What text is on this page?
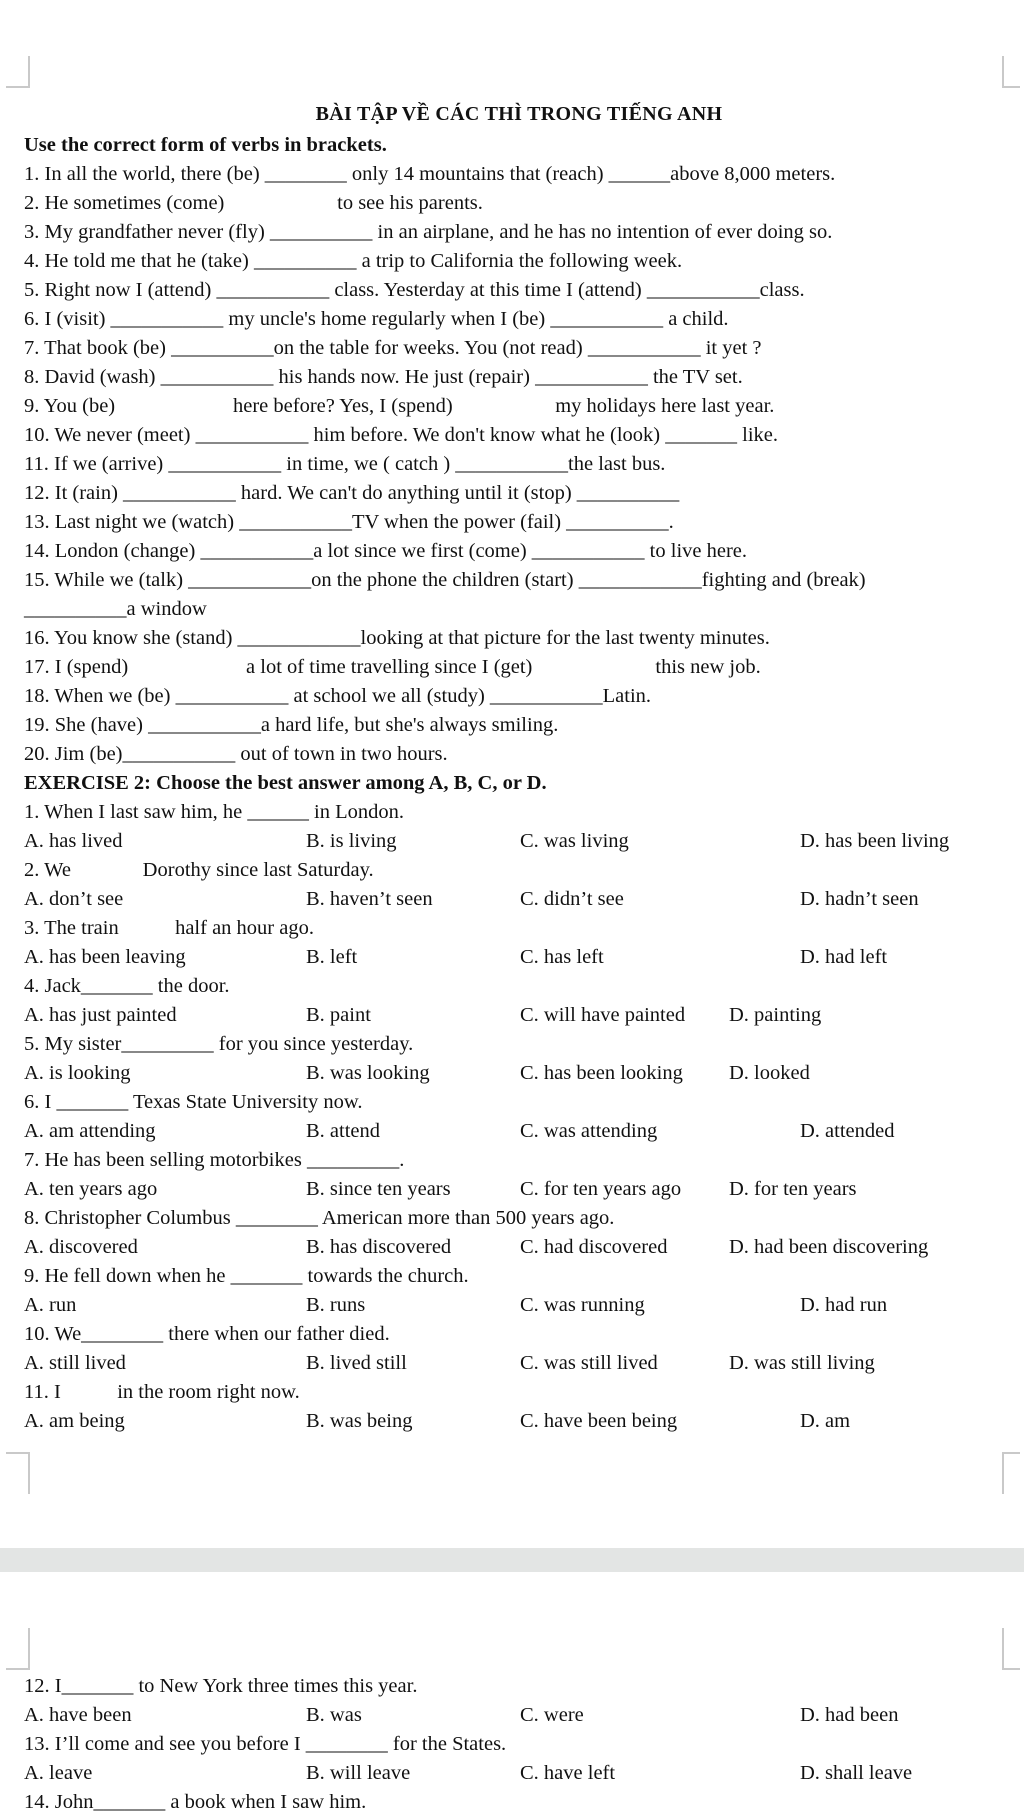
BÀI TẬP VỀ CÁC THÌ TRONG TIẾNG ANH
Use the correct form of verbs in brackets.
1. In all the world, there (be) ________ only 14 mountains that (reach) ______above 8,000 meters.
2. He sometimes (come)                      to see his parents.
3. My grandfather never (fly) __________ in an airplane, and he has no intention of ever doing so.
4. He told me that he (take) __________ a trip to California the following week.
5. Right now I (attend) ___________ class. Yesterday at this time I (attend) ___________class.
6. I (visit) ___________ my uncle's home regularly when I (be) ___________ a child.
7. That book (be) __________on the table for weeks. You (not read) ___________ it yet ?
8. David (wash) ___________ his hands now. He just (repair) ___________ the TV set.
9. You (be)                       here before? Yes, I (spend)                    my holidays here last year.
10. We never (meet) ___________ him before. We don't know what he (look) _______ like.
11. If we (arrive) ___________ in time, we ( catch ) ___________the last bus.
12. It (rain) ___________ hard. We can't do anything until it (stop) __________
13. Last night we (watch) ___________TV when the power (fail) __________.
14. London (change) ___________a lot since we first (come) ___________ to live here.
15. While we (talk) ____________on the phone the children (start) ____________fighting and (break)
__________a window
16. You know she (stand) ____________looking at that picture for the last twenty minutes.
17. I (spend)                       a lot of time travelling since I (get)                        this new job.
18. When we (be) ___________ at school we all (study) ___________Latin.
19. She (have) ___________a hard life, but she's always smiling.
20. Jim (be)___________ out of town in two hours.
EXERCISE 2: Choose the best answer among A, B, C, or D.
1. When I last saw him, he ______ in London.
A. has lived	B. is living	C. was living	D. has been living
2. We              Dorothy since last Saturday.
A. don’t see	B. haven’t seen	C. didn’t see	D. hadn’t seen
3. The train           half an hour ago.
A. has been leaving	B. left	C. has left	D. had left
4. Jack_______ the door.
A. has just painted	B. paint	C. will have painted D. painting
5. My sister_________ for you since yesterday.
A. is looking	B. was looking	C. has been looking D. looked
6. I _______ Texas State University now.
A. am attending	B. attend	C. was attending	D. attended
7. He has been selling motorbikes _________.
A. ten years ago	B. since ten years	C. for ten years ago D. for ten years
8. Christopher Columbus ________ American more than 500 years ago.
A. discovered	B. has discovered	C. had discovered	D. had been discovering
9. He fell down when he _______ towards the church.
A. run	B. runs	C. was running	D. had run
10. We________ there when our father died.
A. still lived	B. lived still	C. was still lived	D. was still living
11. I           in the room right now.
A. am being	B. was being	C. have been being	D. am
12. I_______ to New York three times this year.
A. have been	B. was	C. were	D. had been
13. I’ll come and see you before I ________ for the States.
A. leave	B. will leave	C. have left	D. shall leave
14. John_______ a book when I saw him.
